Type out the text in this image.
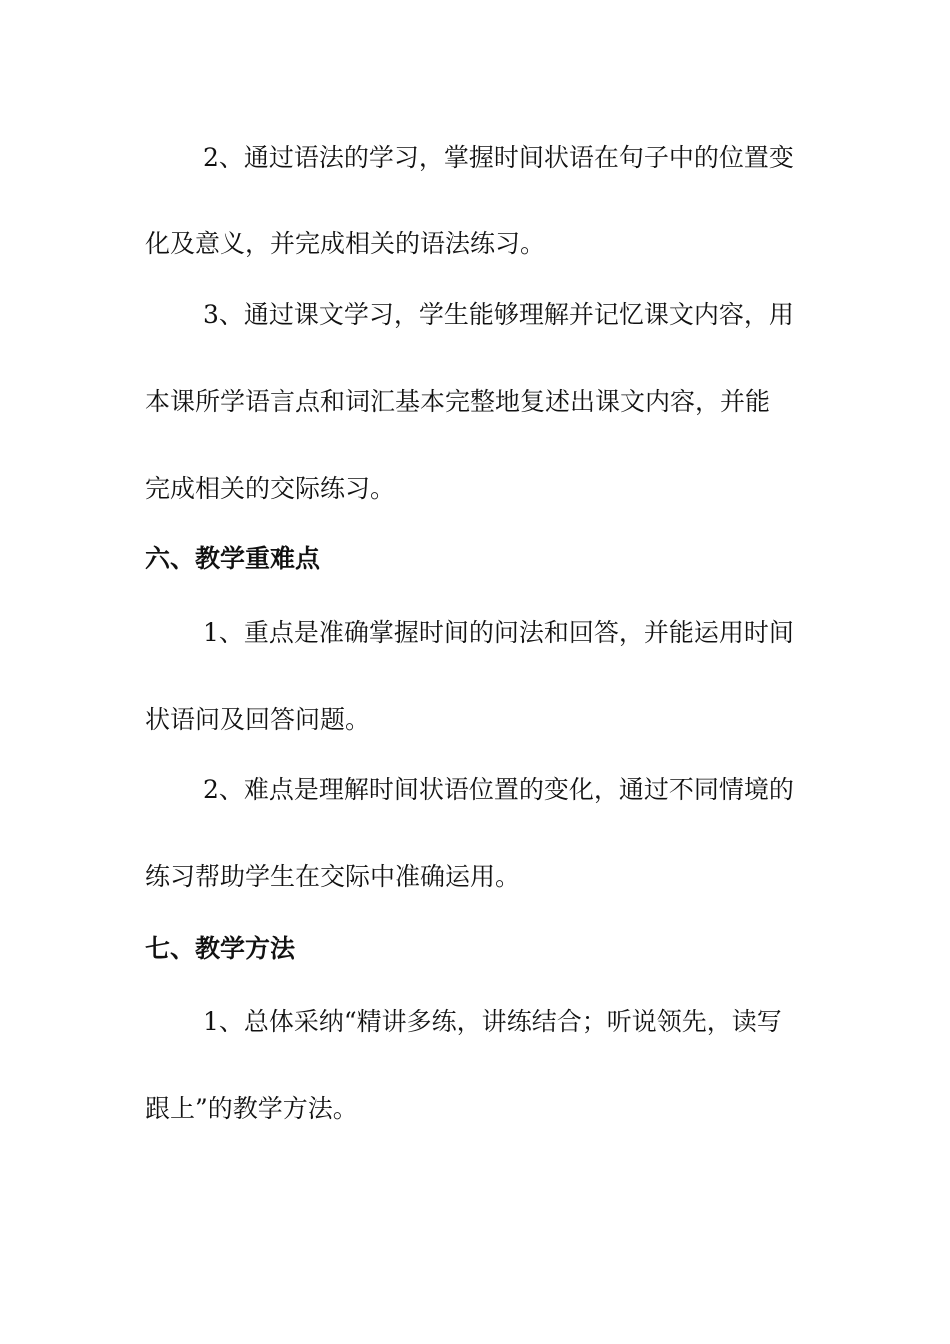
2、通过语法的学习，掌握时间状语在句子中的位置变
化及意义，并完成相关的语法练习。
3、通过课文学习，学生能够理解并记忆课文内容，用
本课所学语言点和词汇基本完整地复述出课文内容，并能
完成相关的交际练习。
六、教学重难点
1、重点是准确掌握时间的问法和回答，并能运用时间
状语问及回答问题。
2、难点是理解时间状语位置的变化，通过不同情境的
练习帮助学生在交际中准确运用。
七、教学方法
1、总体采纳“精讲多练，讲练结合；听说领先，读写
跟上”的教学方法。
